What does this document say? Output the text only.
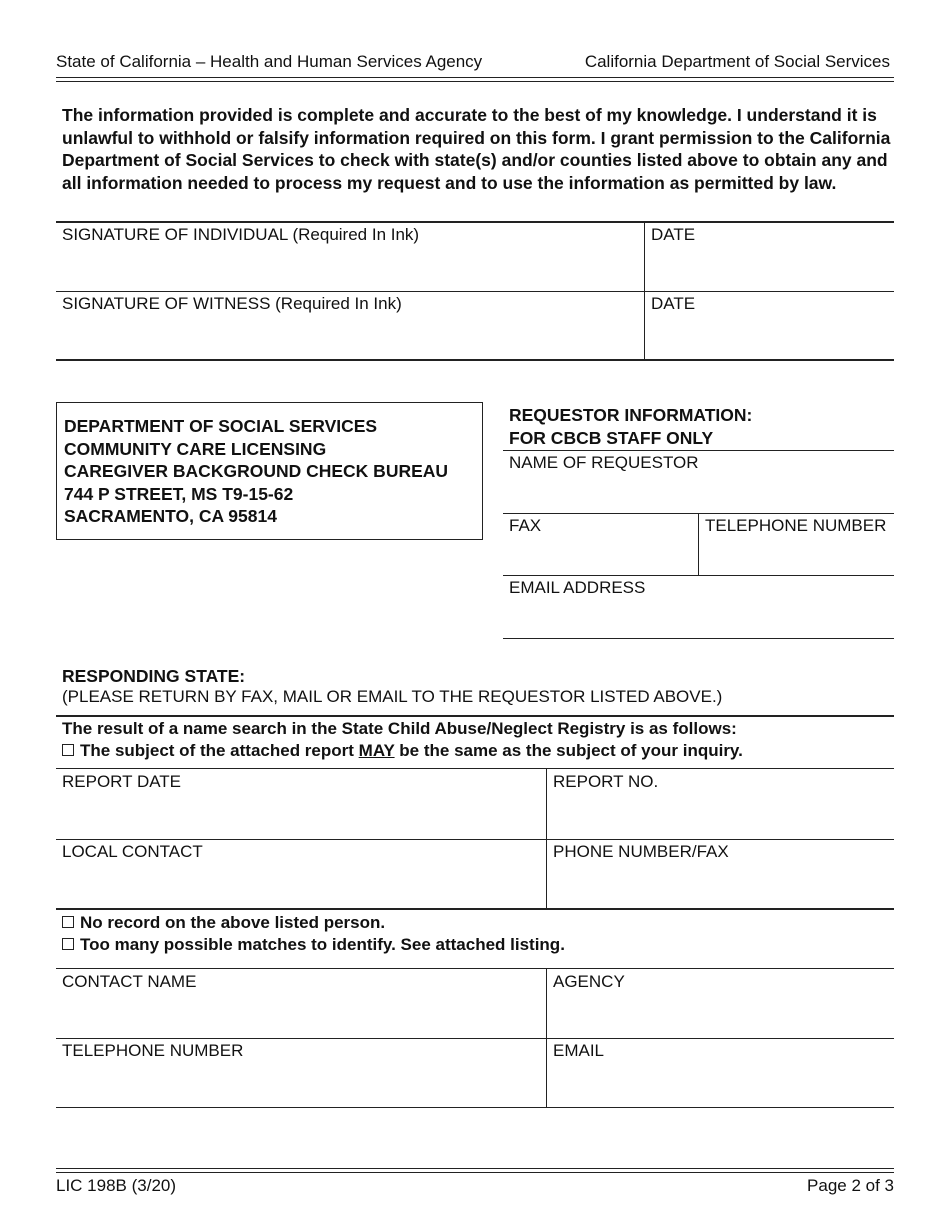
State of California – Health and Human Services Agency	California Department of Social Services
The information provided is complete and accurate to the best of my knowledge. I understand it is unlawful to withhold or falsify information required on this form. I grant permission to the California Department of Social Services to check with state(s) and/or counties listed above to obtain any and all information needed to process my request and to use the information as permitted by law.
SIGNATURE OF INDIVIDUAL (Required In Ink)	DATE
SIGNATURE OF WITNESS (Required In Ink)	DATE
DEPARTMENT OF SOCIAL SERVICES
COMMUNITY CARE LICENSING
CAREGIVER BACKGROUND CHECK BUREAU
744 P STREET, MS T9-15-62
SACRAMENTO, CA 95814
REQUESTOR INFORMATION:
FOR CBCB STAFF ONLY
NAME OF REQUESTOR
FAX	TELEPHONE NUMBER
EMAIL ADDRESS
RESPONDING STATE:
(PLEASE RETURN BY FAX, MAIL OR EMAIL TO THE REQUESTOR LISTED ABOVE.)
The result of a name search in the State Child Abuse/Neglect Registry is as follows:
The subject of the attached report MAY be the same as the subject of your inquiry.
REPORT DATE	REPORT NO.
LOCAL CONTACT	PHONE NUMBER/FAX
No record on the above listed person.
Too many possible matches to identify. See attached listing.
CONTACT NAME	AGENCY
TELEPHONE NUMBER	EMAIL
LIC 198B (3/20)	Page 2 of 3
